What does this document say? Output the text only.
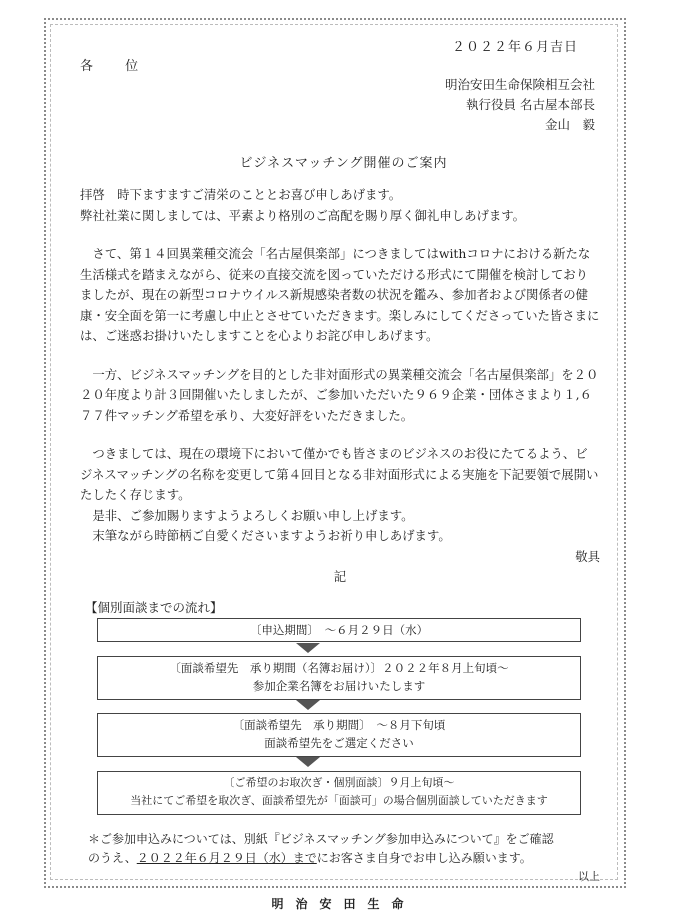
２０２２年６月吉日
各 位
明治安田生命保険相互会社
執行役員 名古屋本部長
金山　毅
ビジネスマッチング開催のご案内

拝啓　時下ますますご清栄のこととお喜び申しあげます。

弊社社業に関しましては、平素より格別のご高配を賜り厚く御礼申しあげます。

さて、第１４回異業種交流会「名古屋倶楽部」につきましてはwithコロナにおける新たな生活様式を踏まえながら、従来の直接交流を図っていただける形式にて開催を検討しておりましたが、現在の新型コロナウイルス新規感染者数の状況を鑑み、参加者および関係者の健康・安全面を第一に考慮し中止とさせていただきます。楽しみにしてくださっていた皆さまには、ご迷惑お掛けいたしますことを心よりお詫び申しあげます。

一方、ビジネスマッチングを目的とした非対面形式の異業種交流会「名古屋倶楽部」を２０２０年度より計３回開催いたしましたが、ご参加いただいた９６９企業・団体さまより１,６７７件マッチング希望を承り、大変好評をいただきました。

つきましては、現在の環境下において僅かでも皆さまのビジネスのお役にたてるよう、ビジネスマッチングの名称を変更して第４回目となる非対面形式による実施を下記要領で展開いたしたく存じます。

是非、ご参加賜りますようよろしくお願い申し上げます。

末筆ながら時節柄ご自愛くださいますようお祈り申しあげます。

敬具

記

【個別面談までの流れ】
〔申込期間〕　～６月２９日（水）
〔面談希望先　承り期間（名簿お届け）〕２０２２年８月上旬頃～
参加企業名簿をお届けいたします
〔面談希望先　承り期間〕　～８月下旬頃
面談希望先をご選定ください
〔ご希望のお取次ぎ・個別面談〕９月上旬頃～
当社にてご希望を取次ぎ、面談希望先が「面談可」の場合個別面談していただきます
＊ご参加申込みについては、別紙『ビジネスマッチング参加申込みについて』をご確認
のうえ、２０２２年６月２９日（水）までにお客さま自身でお申し込み願います。
以上
明治安田生命
